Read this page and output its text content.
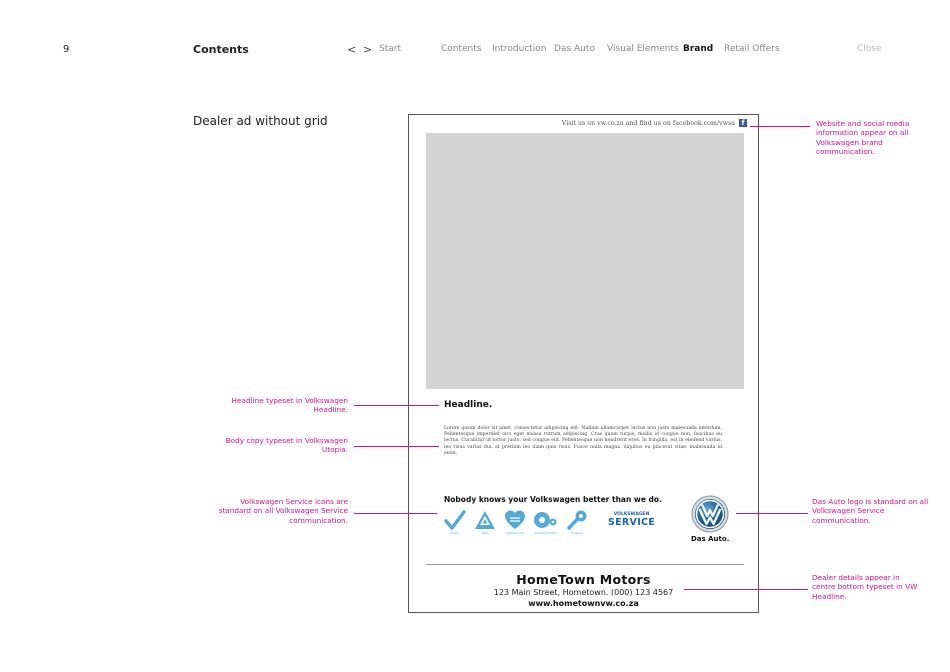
9	Contents	< > Start	Contents Introduction Das Auto Visual Elements Brand Retail Offers	Close
Dealer ad without grid	Visit us on vw.co.za and find us on facebook.com/vwsa f
Headline.
Lorem ipsum dolor sit amet, consectetur adipiscing elit. Nullam ullamcorper lectus non justo malesuada interdum. Pellentesque imperdiet orci eget massa rutrum adipiscing. Cras quam turpis, mollis id congue non, faucibus eu lectus. Curabitur id tortor justo, sed congue elit. Pellentesque non hendrerit eros. In fringilla, est in eleifend varius, leo risus varius dui, at pretium leo diam quis risus. Fusce nulla magna, dapibus eu placerat vitae, malesuada id enim.
Nobody knows your Volkswagen better than we do.
Quality	Value	Customer Care	Volkswagen Parts	Expertise
VOLKSWAGEN
SERVICE
Das Auto.
HomeTown Motors
123 Main Street, Hometown. (000) 123 4567
www.hometownvw.co.za
Website and social media information appear on all Volkswagen brand communication.
Das Auto logo is standard on all Volkswagen Service communication.
Dealer details appear in centre bottom typeset in VW Headline.
Headline typeset in Volkswagen Headline.
Body copy typeset in Volkswagen Utopia.
Volkswagen Service icons are standard on all Volkswagen Service communication.
